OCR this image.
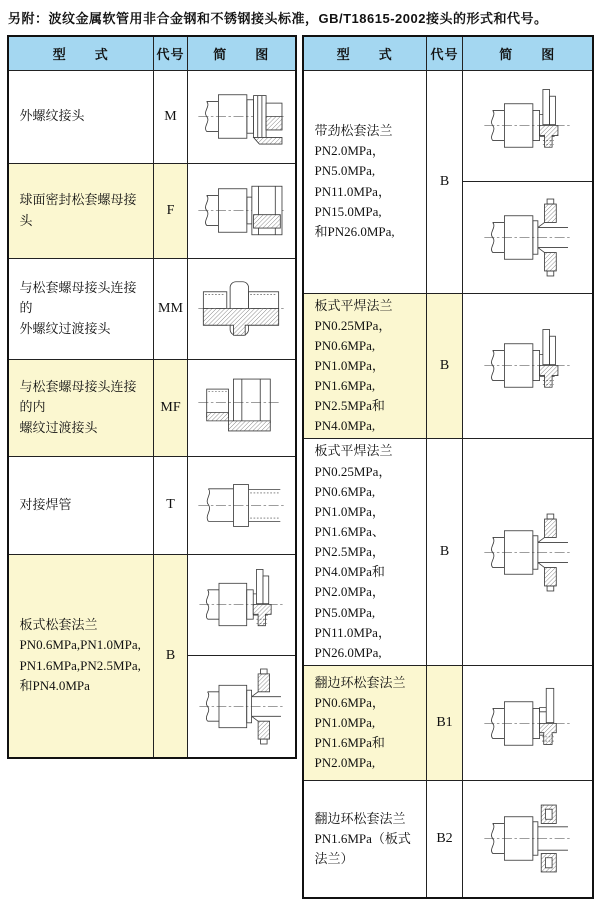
另附：波纹金属软管用非合金钢和不锈钢接头标准，GB/T18615-2002接头的形式和代号。
型　　式	代号	简　　图
外螺纹接头	M	
球面密封松套螺母接头	F	
与松套螺母接头连接的
外螺纹过渡接头	MM	
与松套螺母接头连接的内
螺纹过渡接头	MF	
对接焊管	T	
板式松套法兰
PN0.6MPa,PN1.0MPa,
PN1.6MPa,PN2.5MPa,
和PN4.0MPa	B	
型　　式	代号	简　　图
带劲松套法兰
PN2.0MPa，PN5.0MPa,
PN11.0MPa，PN15.0MPa,
和PN26.0MPa,	B	

板式平焊法兰
PN0.25MPa，PN0.6MPa,
PN1.0MPa，PN1.6MPa,
PN2.5MPa和PN4.0MPa,	B	
板式平焊法兰
PN0.25MPa，PN0.6MPa,
PN1.0MPa，PN1.6MPa、
PN2.5MPa，PN4.0MPa和
PN2.0MPa，PN5.0MPa,
PN11.0MPa，PN26.0MPa,	B	
翻边环松套法兰
PN0.6MPa，PN1.0MPa,
PN1.6MPa和PN2.0MPa,	B1	
翻边环松套法兰
PN1.6MPa（板式法兰）	B2	
